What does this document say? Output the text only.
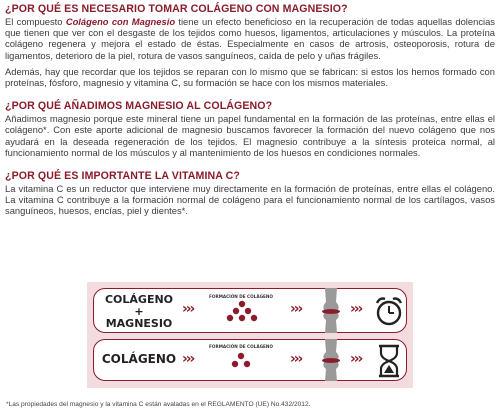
¿POR QUÉ ES NECESARIO TOMAR COLÁGENO CON MAGNESIO?
El compuesto Colágeno con Magnesio tiene un efecto beneficioso en la recuperación de todas aquellas dolencias que tienen que ver con el desgaste de los tejidos como huesos, ligamentos, articulaciones y músculos. La proteína colágeno regenera y mejora el estado de éstas. Especialmente en casos de artrosis, osteoporosis, rotura de ligamentos, deterioro de la piel, rotura de vasos sanguíneos, caída de pelo y uñas frágiles.
Además, hay que recordar que los tejidos se reparan con lo mismo que se fabrican: si estos los hemos formado con proteínas, fósforo, magnesio y vitamina C, su formación se hace con los mismos materiales.
¿POR QUÉ AÑADIMOS MAGNESIO AL COLÁGENO?
Añadimos magnesio porque este mineral tiene un papel fundamental en la formación de las proteínas, entre ellas el colágeno*. Con este aporte adicional de magnesio buscamos favorecer la formación del nuevo colágeno que nos ayudará en la deseada regeneración de los tejidos. El magnesio contribuye a la síntesis proteica normal, al funcionamiento normal de los músculos y al mantenimiento de los huesos en condiciones normales.
¿POR QUÉ ES IMPORTANTE LA VITAMINA C?
La vitamina C es un reductor que interviene muy directamente en la formación de proteínas, entre ellas el colágeno. La vitamina C contribuye a la formación normal de colágeno para el funcionamiento normal de los cartílagos, vasos sanguíneos, huesos, encías, piel y dientes*.
COLÁGENO
+
MAGNESIO
›››
FORMACIÓN DE COLÁGENO
›››	›››
COLÁGENO ›››
FORMACIÓN DE COLÁGENO
›››	›››
*Las propiedades del magnesio y la vitamina C están avaladas en el REGLAMENTO (UE) No.432/2012.
